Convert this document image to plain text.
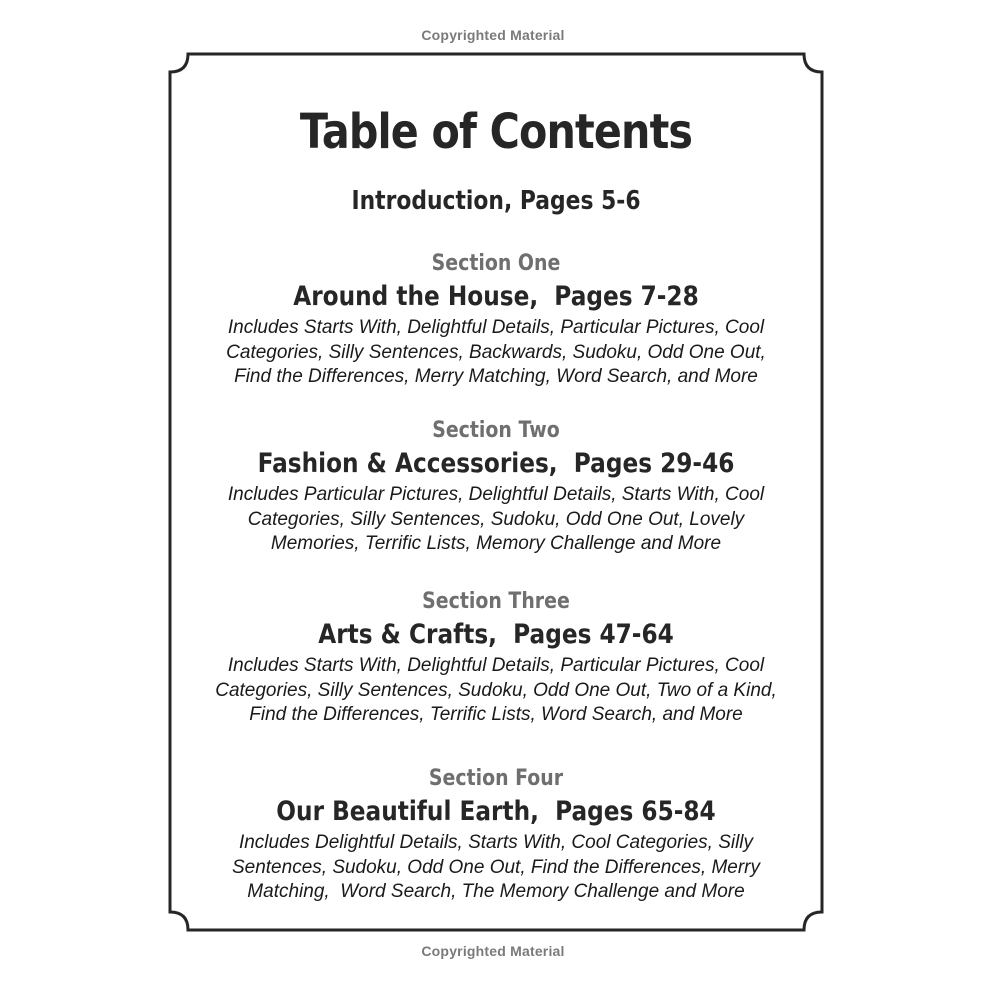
Copyrighted Material
Table of Contents
Introduction, Pages 5-6
Section One
Around the House,  Pages 7-28
Includes Starts With, Delightful Details, Particular Pictures, Cool
Categories, Silly Sentences, Backwards, Sudoku, Odd One Out,
Find the Differences, Merry Matching, Word Search, and More
Section Two
Fashion & Accessories,  Pages 29-46
Includes Particular Pictures, Delightful Details, Starts With, Cool
Categories, Silly Sentences, Sudoku, Odd One Out, Lovely
Memories, Terrific Lists, Memory Challenge and More
Section Three
Arts & Crafts,  Pages 47-64
Includes Starts With, Delightful Details, Particular Pictures, Cool
Categories, Silly Sentences, Sudoku, Odd One Out, Two of a Kind,
Find the Differences, Terrific Lists, Word Search, and More
Section Four
Our Beautiful Earth,  Pages 65-84
Includes Delightful Details, Starts With, Cool Categories, Silly
Sentences, Sudoku, Odd One Out, Find the Differences, Merry
Matching,  Word Search, The Memory Challenge and More
Copyrighted Material
